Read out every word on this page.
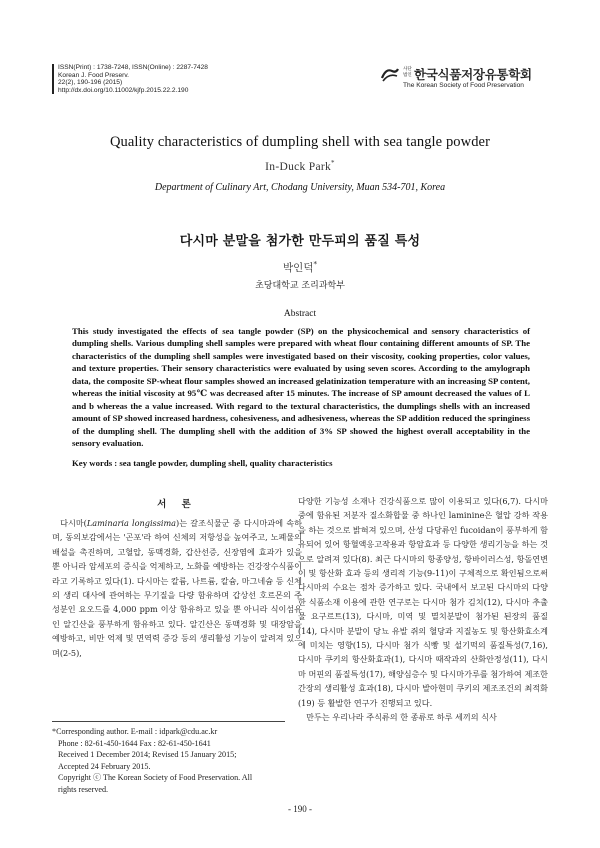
ISSN(Print) : 1738-7248, ISSN(Online) : 2287-7428
Korean J. Food Preserv.
22(2), 190-196 (2015)
http://dx.doi.org/10.11002/kjfp.2015.22.2.190
사단법인 한국식품저장유통학회
The Korean Society of Food Preservation
Quality characteristics of dumpling shell with sea tangle powder
In-Duck Park*
Department of Culinary Art, Chodang University, Muan 534-701, Korea
다시마 분말을 첨가한 만두피의 품질 특성
박인덕*
초당대학교 조리과학부
Abstract
This study investigated the effects of sea tangle powder (SP) on the physicochemical and sensory characteristics of dumpling shells. Various dumpling shell samples were prepared with wheat flour containing different amounts of SP. The characteristics of the dumpling shell samples were investigated based on their viscosity, cooking properties, color values, and texture properties. Their sensory characteristics were evaluated by using seven scores. According to the amylograph data, the composite SP-wheat flour samples showed an increased gelatinization temperature with an increasing SP content, whereas the initial viscosity at 95℃ was decreased after 15 minutes. The increase of SP amount decreased the values of L and b whereas the a value increased. With regard to the textural characteristics, the dumplings shells with an increased amount of SP showed increased hardness, cohesiveness, and adhesiveness, whereas the SP addition reduced the springiness of the dumpling shell. The dumpling shell with the addition of 3% SP showed the highest overall acceptability in the sensory evaluation.
Key words : sea tangle powder, dumpling shell, quality characteristics
서 론

 다시마(Laminaria longissima)는 갈조식물군 중 다시마과에 속하며, 동의보감에서는 '곤포'라 하여 신체의 저항성을 높여주고, 노폐물의 배설을 촉진하며, 고혈압, 동맥경화, 갑산선증, 신장염에 효과가 있을 뿐 아니라 암세포의 증식을 억제하고, 노화를 예방하는 건강장수식품이라고 기록하고 있다(1). 다시마는 칼륨, 나트륨, 칼슘, 마그네슘 등 신체의 생리 대사에 관여하는 무기질을 다량 함유하며 갑상선 호르몬의 주성분인 요오드를 4,000 ppm 이상 함유하고 있을 뿐 아니라 식이섬유인 알긴산을 풍부하게 함유하고 있다. 알긴산은 동맥경화 및 대장암을 예방하고, 비만 억제 및 면역력 증강 등의 생리활성 기능이 알려져 있으며(2-5),

다양한 기능성 소재나 건강식품으로 많이 이용되고 있다(6,7). 다시마 중에 함유된 저분자 질소화합물 중 하나인 laminine은 혈압 강하 작용을 하는 것으로 밝혀져 있으며, 산성 다당류인 fucoidan이 풍부하게 함유되어 있어 항혈액응고작용과 항암효과 등 다양한 생리기능을 하는 것으로 알려져 있다(8). 최근 다시마의 항종양성, 항바이러스성, 항돌연변이 및 항산화 효과 등의 생리적 기능(9-11)이 구체적으로 확인됨으로써 다시마의 수요는 점차 증가하고 있다. 국내에서 보고된 다시마의 다양한 식품소재 이용에 관한 연구로는 다시마 첨가 김치(12), 다시마 추출물 요구르트(13), 다시마, 미역 및 멸치분말이 첨가된 된장의 품질(14), 다시마 분말이 당뇨 유발 쥐의 혈당과 지질농도 및 항산화효소계에 미치는 영향(15), 다시마 첨가 식빵 및 설기떡의 품질특성(7,16), 다시마 쿠키의 항산화효과(1), 다시마 때작과의 산화안정성(11), 다시마 머핀의 품질특성(17), 해양심층수 및 다시마가루를 첨가하여 제조한 간장의 생리활성 효과(18), 다시마 발아현미 쿠키의 제조조건의 최적화(19) 등 활발한 연구가 진행되고 있다.

 만두는 우리나라 주식류의 한 종류로 하루 세끼의 식사

*Corresponding author. E-mail : idpark@cdu.ac.kr
Phone : 82-61-450-1644 Fax : 82-61-450-1641
Received 1 December 2014; Revised 15 January 2015;
Accepted 24 February 2015.
Copyright ⓒ The Korean Society of Food Preservation. All
rights reserved.
- 190 -
